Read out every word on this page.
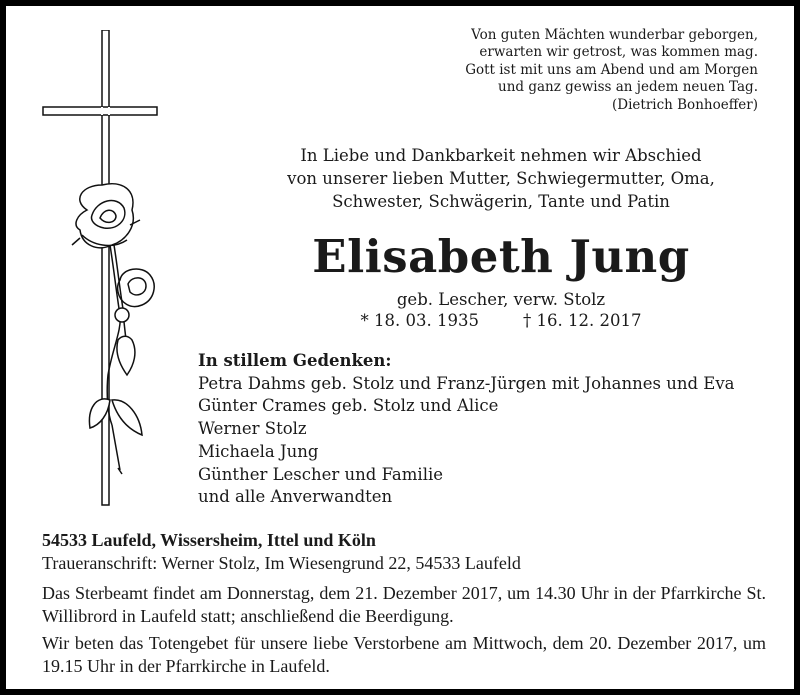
Von guten Mächten wunderbar geborgen,
erwarten wir getrost, was kommen mag.
Gott ist mit uns am Abend und am Morgen
und ganz gewiss an jedem neuen Tag.
(Dietrich Bonhoeffer)
In Liebe und Dankbarkeit nehmen wir Abschied
von unserer lieben Mutter, Schwiegermutter, Oma,
Schwester, Schwägerin, Tante und Patin
Elisabeth Jung
geb. Lescher, verw. Stolz
* 18. 03. 1935	† 16. 12. 2017
In stillem Gedenken:
Petra Dahms geb. Stolz und Franz-Jürgen mit Johannes und Eva
Günter Crames geb. Stolz und Alice
Werner Stolz
Michaela Jung
Günther Lescher und Familie
und alle Anverwandten
54533 Laufeld, Wissersheim, Ittel und Köln
Traueranschrift: Werner Stolz, Im Wiesengrund 22, 54533 Laufeld

Das Sterbeamt findet am Donnerstag, dem 21. Dezember 2017, um 14.30 Uhr in der Pfarrkirche St. Willibrord in Laufeld statt; anschließend die Beerdigung.

Wir beten das Totengebet für unsere liebe Verstorbene am Mittwoch, dem 20. Dezember 2017, um 19.15 Uhr in der Pfarrkirche in Laufeld.
